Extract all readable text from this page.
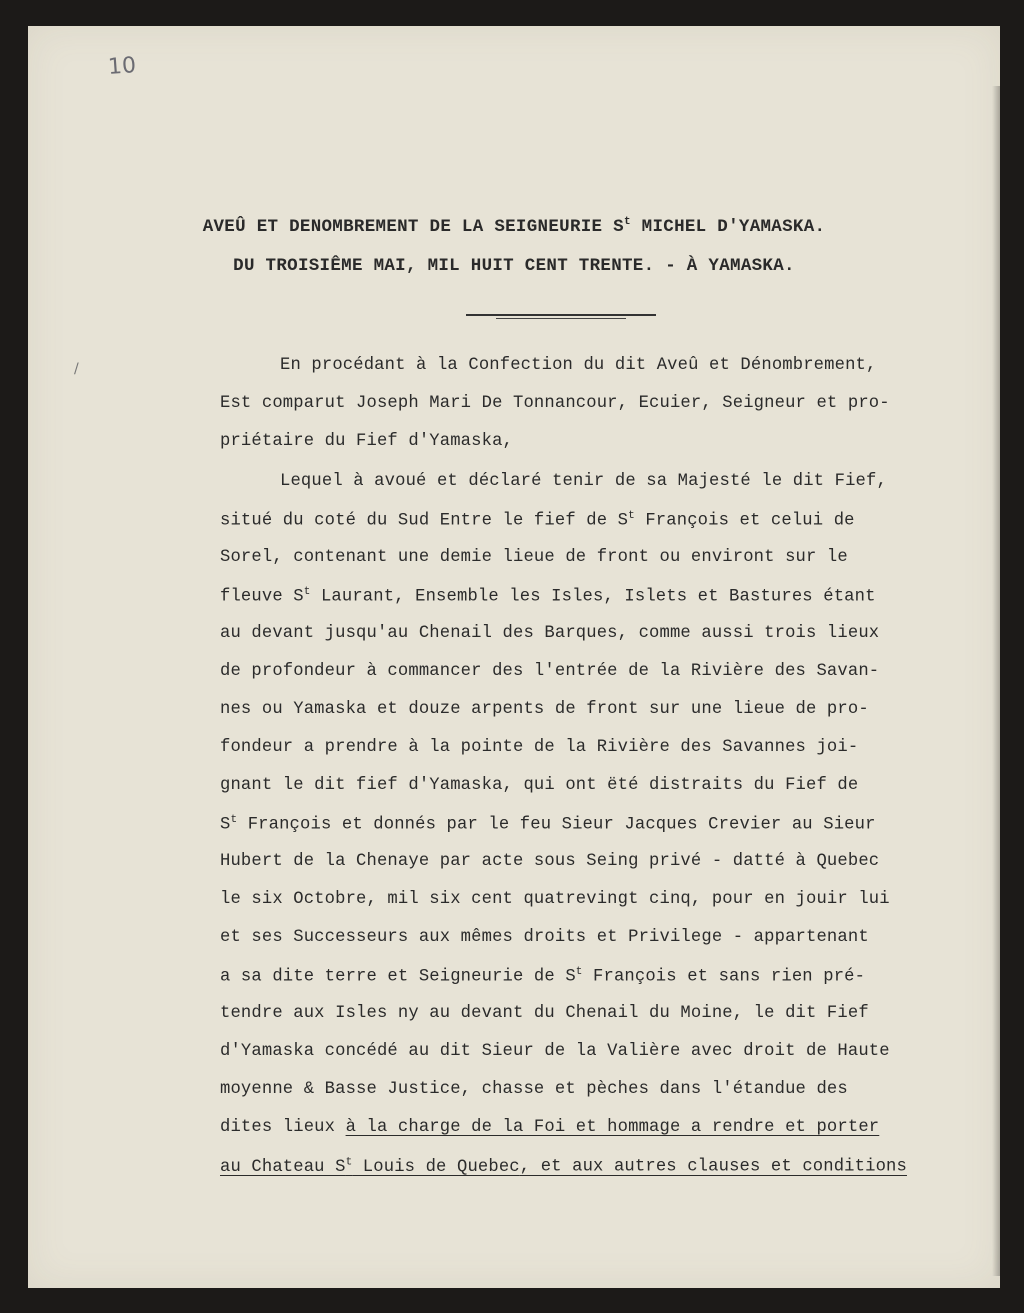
10
/
AVEÛ ET DENOMBREMENT DE LA SEIGNEURIE $S^t$ MICHEL D'YAMASKA.
DU TROISIÊME MAI, MIL HUIT CENT TRENTE. - À YAMASKA.
En procédant à la Confection du dit Aveû et Dénombrement,
Est comparut Joseph Mari De Tonnancour, Ecuier, Seigneur et pro-
priétaire du Fief d'Yamaska,
Lequel à avoué et déclaré tenir de sa Majesté le dit Fief,
situé du coté du Sud Entre le fief de $S^t$ François et celui de
Sorel, contenant une demie lieue de front ou environt sur le
fleuve $S^t$ Laurant, Ensemble les Isles, Islets et Bastures étant
au devant jusqu'au Chenail des Barques, comme aussi trois lieux
de profondeur à commancer des l'entrée de la Rivière des Savan-
nes ou Yamaska et douze arpents de front sur une lieue de pro-
fondeur a prendre à la pointe de la Rivière des Savannes joi-
gnant le dit fief d'Yamaska, qui ont ëté distraits du Fief de
$S^t$ François et donnés par le feu Sieur Jacques Crevier au Sieur
Hubert de la Chenaye par acte sous Seing privé - datté à Quebec
le six Octobre, mil six cent quatrevingt cinq, pour en jouir lui
et ses Successeurs aux mêmes droits et Privilege - appartenant
a sa dite terre et Seigneurie de $S^t$ François et sans rien pré-
tendre aux Isles ny au devant du Chenail du Moine, le dit Fief
d'Yamaska concédé au dit Sieur de la Valière avec droit de Haute
moyenne & Basse Justice, chasse et pèches dans l'étandue des
dites lieux à la charge de la Foi et hommage a rendre et porter
au Chateau $S^t$ Louis de Quebec, et aux autres clauses et conditions
